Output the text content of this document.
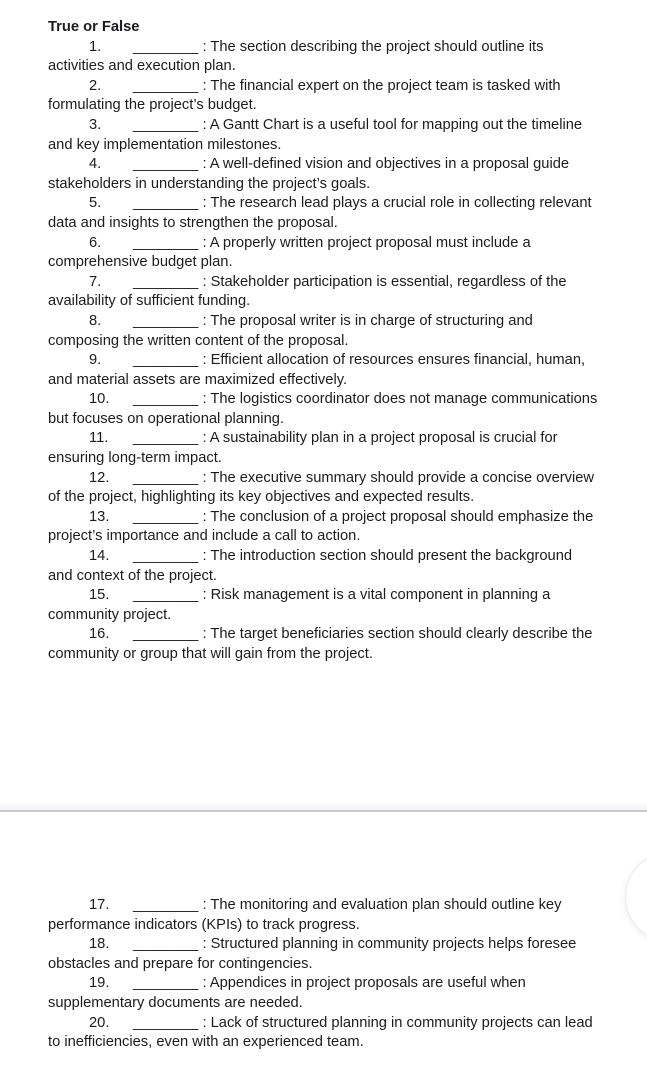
True or False

1. ________ : The section describing the project should outline its activities and execution plan.

2. ________ : The financial expert on the project team is tasked with formulating the project’s budget.

3. ________ : A Gantt Chart is a useful tool for mapping out the timeline and key implementation milestones.

4. ________ : A well-defined vision and objectives in a proposal guide stakeholders in understanding the project’s goals.

5. ________ : The research lead plays a crucial role in collecting relevant data and insights to strengthen the proposal.

6. ________ : A properly written project proposal must include a comprehensive budget plan.

7. ________ : Stakeholder participation is essential, regardless of the availability of sufficient funding.

8. ________ : The proposal writer is in charge of structuring and composing the written content of the proposal.

9. ________ : Efficient allocation of resources ensures financial, human, and material assets are maximized effectively.

10. ________ : The logistics coordinator does not manage communications but focuses on operational planning.

11. ________ : A sustainability plan in a project proposal is crucial for ensuring long-term impact.

12. ________ : The executive summary should provide a concise overview of the project, highlighting its key objectives and expected results.

13. ________ : The conclusion of a project proposal should emphasize the project’s importance and include a call to action.

14. ________ : The introduction section should present the background and context of the project.

15. ________ : Risk management is a vital component in planning a community project.

16. ________ : The target beneficiaries section should clearly describe the community or group that will gain from the project.

17. ________ : The monitoring and evaluation plan should outline key performance indicators (KPIs) to track progress.

18. ________ : Structured planning in community projects helps foresee obstacles and prepare for contingencies.

19. ________ : Appendices in project proposals are useful when supplementary documents are needed.

20. ________ : Lack of structured planning in community projects can lead to inefficiencies, even with an experienced team.
